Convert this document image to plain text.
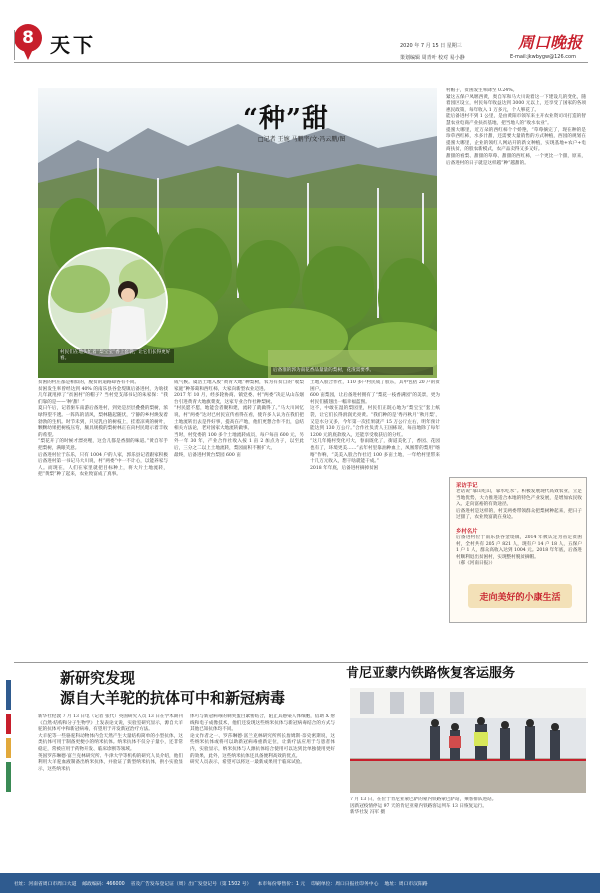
8 天下	周口晚报
2020 年 7 月 15 日 星期三
策划编辑 周青叶 校对 易小静	E-mail:jkwbygw@126.com
“种”甜
□记者 王婉 马鹏宇/文·冯云鹏/图
村民们在地头忙着“梨宝宝”香上套袋，让它们长得更好看。
后备淮的郭为南花香品量量的梨树，花渣需要季。
村帽子，贫困发生率降至 0.24%。
紧这五保户凤堰西黄，奥自军和马大川说着这一下建设几的变化，随着园区设立，村民每年收益达到 3000 元以上，还享受了国家的各项惠民政策，每年收入 1 万多元，个人够花了。
能后备进村不到 1 公里，是由黄阳市领军来主开农业资司司打造的智慧农业电商产业扶贫基地，把当地人的“收水农业”。
提蜜大哪里，近万朵的西红柿个个娇艳，“草莓摘完了，现在种的是珍草西红柿，水多汁甜，还需要大量销售的方式种植，西园的规划在提蜜大哪里，企业的领红人网站开的新文种植，实现基地+农户+电商扶贫，的股农新模式，农产品卖得又多又好。
甜甜的看梨、甜甜的草莓、甜甜的西红柿，一个更比一个甜，原来，后备进村的日子就是这样越“种”越甜的。
贫困的村庄都是相似的，脱贫的道路却各有不同。
贫困发生率曾经达到 40% 的南乐县谷金堤镇后备进村，为啥找几年就甩掉了“贫困村”的帽子？当村党支部书记的朱家保：“我们靠的是——‘种’甜！”
夏日午后，记者驱车南游后备进村，到处是层层叠叠的梨树，浓绿得望不透。一阵阵的清风，梨林随起随伏，宁静的乡村焕发着勃勃的生机。时节未到，只见乳白的树枝上，挂着凉爽的树叶，颗颗幼果把树枝压弯，颇具规模的梨树林正在向村民昭示着丰收的希望。
“梨花开了的时候才漂亮哩，这会儿都是香甜的味道。”黄自军手把梨树，满眼笑意。
后备进村位于东乐，只有 1004 户的人家，郭乐县记者跟家积极后备进村第一书记马大川说，村“两委”中一不计心，以能养家与人。而现在，人们在家里就把目标种上，将大片土地流转，把“黄梨”种了起来，农业致富成了真事。
成气候。虞浩土地入股“黄青大地”种梨树，农为有贫自的“收梨家庭”种茶葛和西红柿，大家向新型农业迈进。
2017 年 10 月，经多轮协商、镇党委、村“两委”决定从山东烟台引进黄青大地旗菜麦，这家专业合作社种梨树。
“村民愿不愿，地能会者聚和建，流转了就做得了。”马大川回忆说，村“两委”达对已村民宣传看得在看，使许多人认为在我们把土地流转出去是件好事，提高在产地，他们更想合作不出，总结相关方法论，老对国家大地流转做事。
当时，村党委的 100 多个土地流转成员，每户每亩 600 元，另外一年 30 年，产业合作社收入按 1 亩 2 加点为子，以至此后，三分之二以上土地流转，梨园面积不断扩大。
最终，后备进村黄台梨园 600 亩
土地入股合作社，110 多户村民成了股东，其中包括 20 户的贫困户。
600 亩梨园，让后备进村拥有了“梨花一枝香满园”的美景，更为村民们插翅出一幅幸福蓝图。
这不，中敢在湿的梨园里，村民们正既心地为“梨宝宝”套上纸袋，让它们长得滑润光亮黄。“我们种的是‘秀丹秋月’‘秋月梨’，又是水分又多，今年第一次挂果就产 15 万公斤左右，明年预计能达到 130 万公斤。”合作社负责人王国栋说，每亩地除了每年 1200 元的底款收入，还能享受收获后的分红。
“这几年俺村变化可大，春雨既化了，街道美化了，香园、花园也有了，环境更美……”去年村里靠油种血上，凤凰带的梨用“喀喀”作响，“美美入股合作社近 100 多亩土地，一年给村里带来十几万元收入，想干啥就能干成。”
2018 年年底，后备进村摘掉贫困
采访手记
老话说“靠山吃山，靠水吃水”。积极发展现代高效农业，立足当地优势，大力推进适合本地的特色产业发展，是增加农民收入、走向富裕的有效途径。
后备进村是这样的，村支两委带领群众把梨树种起来，把日子过甜了，农业致富就在身边。
乡村名片
后备进村位于南乐县谷金堤镇，2014 年被认定为省定贫困村，全村共有 205 户 821 人，现有户 14 户 18 人，五保户 1 户 1 人，群众高收入达到 1004 元。2018 年年底，后备进村顺利退出贫困村，实现整村脱贫摘帽。
（郝《河南日报》）
走向美好的小康生活
新研究发现
源自大羊驼的抗体可中和新冠病毒
新华社伦敦 7 月 13 日电（记者 张代）英国研究人员 13 日在学术期刊《自然·结构和分子生物学》上发表论文说，实验室研究显示，源自大羊驼的抗体可中和新冠病毒，有望用于开发新冠治疗方法。
大羊驼等一些骆驼科动物体内会天然产生大量结构简单的小型抗体，这类抗体可用于制备更便小的纳米抗体。纳米抗体不仅分子量小，还非常稳定，常被应用于药物开发、临床诊断等领域。
英国罗莎琳德·富兰克林研究所、牛津大学等机构的研究人员介绍，他们利用大羊驼血液制备出纳米抗体，并验证了新型纳米抗体，供小实验显示，这些纳米抗
体可与新冠病毒的刺突蛋白紧密结合，阻止其感染人体细胞，借助 X 射线和电子成像技术，他们还发现这些纳米抗体与新冠病毒结合的方式与其他已知抗体均不同。
论文作者之一、罗莎琳德·富兰克林研究所所长詹姆斯·奈史密斯说，这些纳米抗体或将可以助新冠病毒重新定位，让新疗法应用于与患者体内，实验显示，纳米抗体与人源抗体结合使用可以达到比单独使用更好的效果，此外，这些纳米抗体还具备便利高效的优点。
研究人员表示，希望可以将这一最新成果用于临床试验。
肯尼亚蒙内铁路恢复客运服务
7 月 13 日，在位于肯尼亚蒙巴萨的蒙内铁路蒙巴萨站，乘客排队进站。
因新冠疫情停运 97 天的肯尼亚蒙内铁路客运列车 13 日恢复运行。
新华社发 冯军 摄
社址：河南省周口市周口大道 邮政编码：466000 省及广告发布登记证（周）出广发登记号（第 1502 号） 本市每份零售价：1 元 印刷单位：周口日报社印务中心 地址：周口市汉阳路
